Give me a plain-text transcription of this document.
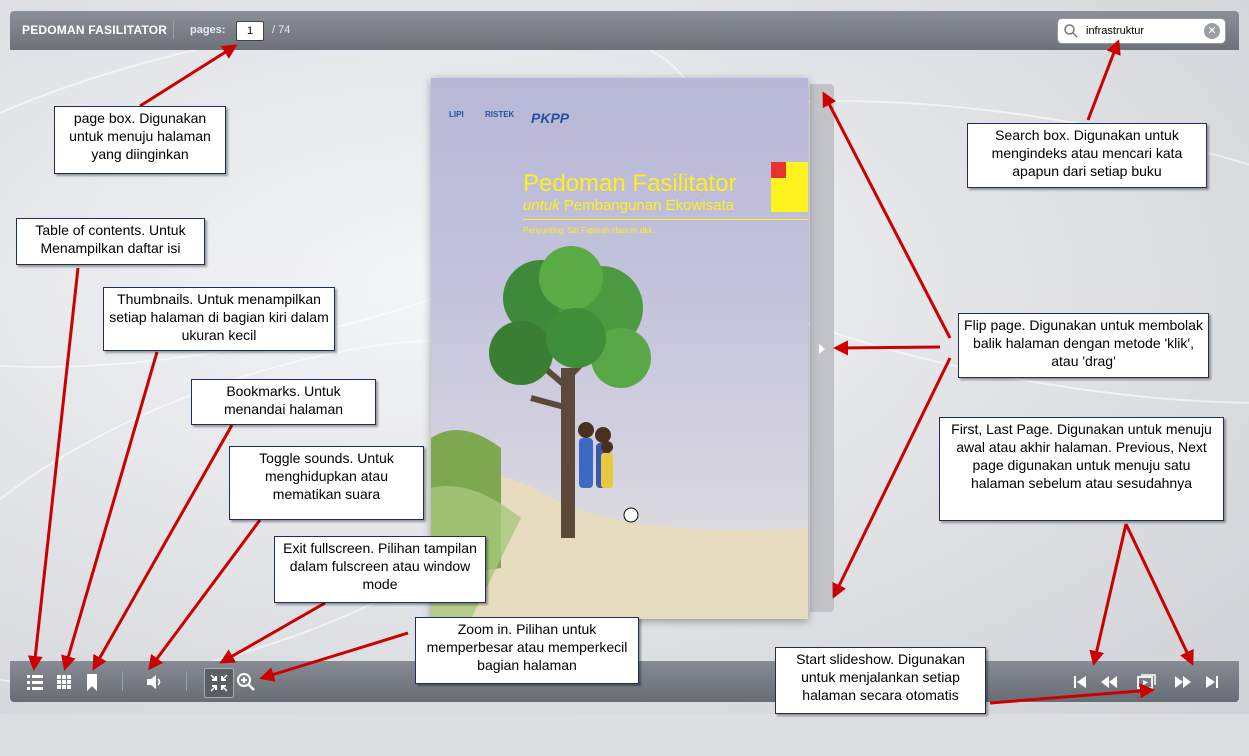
PEDOMAN FASILITATOR pages:	1	/ 74
infrastruktur	✕
LIPI	RISTEK PKPP
Pedoman Fasilitator
untuk Pembangunan Ekowisata
Penyunting: Siti Fatimah Hanum dkk.
page box. Digunakan untuk menuju halaman yang diinginkan
Table of contents. Untuk Menampilkan daftar isi
Thumbnails. Untuk menampilkan setiap halaman di bagian kiri dalam ukuran kecil
Bookmarks. Untuk menandai halaman
Toggle sounds. Untuk menghidupkan atau mematikan suara
Exit fullscreen. Pilihan tampilan dalam fulscreen atau window mode
Zoom in. Pilihan untuk memperbesar atau memperkecil bagian halaman	Start slideshow. Digunakan untuk menjalankan setiap halaman secara otomatis
Search box. Digunakan untuk mengindeks atau mencari kata apapun dari setiap buku
Flip page. Digunakan untuk membolak balik halaman dengan metode 'klik', atau 'drag'
First, Last Page. Digunakan untuk menuju awal atau akhir halaman. Previous, Next page digunakan untuk menuju satu halaman sebelum atau sesudahnya
